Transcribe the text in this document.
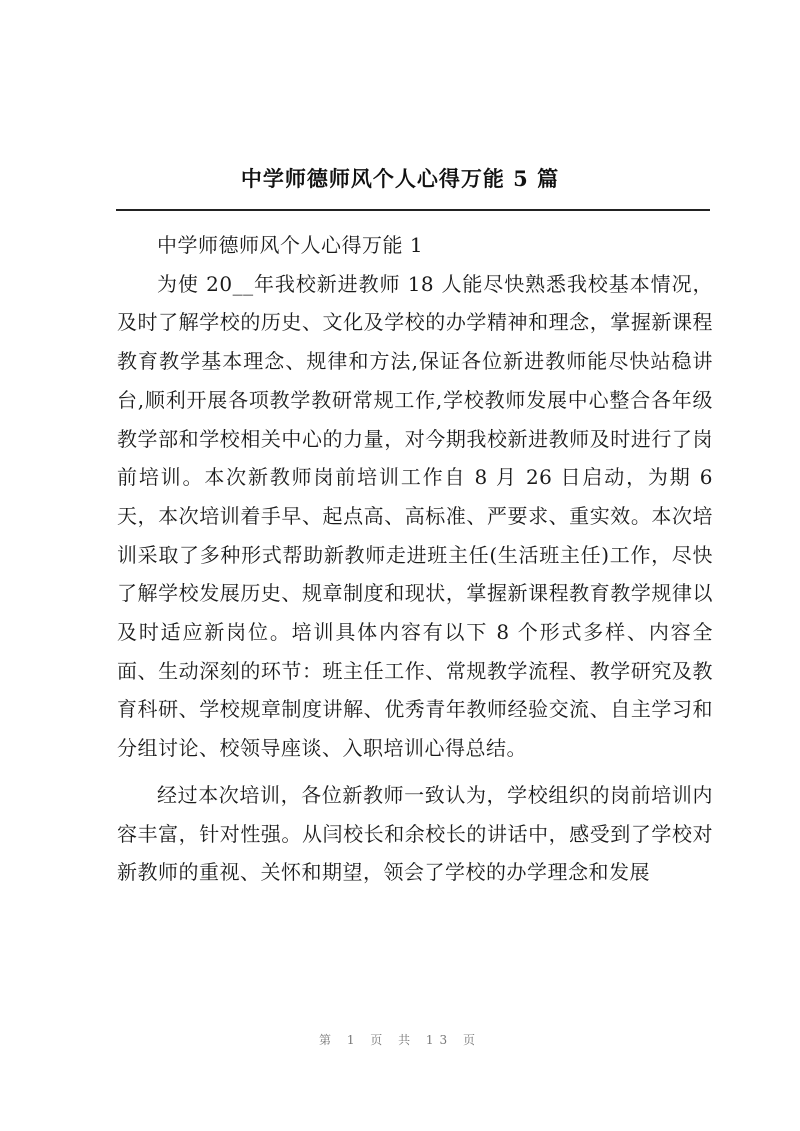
中学师德师风个人心得万能 5 篇

中学师德师风个人心得万能 1

为使 20__年我校新进教师 18 人能尽快熟悉我校基本情况，及时了解学校的历史、文化及学校的办学精神和理念，掌握新课程教育教学基本理念、规律和方法,保证各位新进教师能尽快站稳讲台,顺利开展各项教学教研常规工作,学校教师发展中心整合各年级教学部和学校相关中心的力量，对今期我校新进教师及时进行了岗前培训。本次新教师岗前培训工作自 8 月 26 日启动，为期 6 天，本次培训着手早、起点高、高标准、严要求、重实效。本次培训采取了多种形式帮助新教师走进班主任(生活班主任)工作，尽快了解学校发展历史、规章制度和现状，掌握新课程教育教学规律以及时适应新岗位。培训具体内容有以下 8 个形式多样、内容全面、生动深刻的环节：班主任工作、常规教学流程、教学研究及教育科研、学校规章制度讲解、优秀青年教师经验交流、自主学习和分组讨论、校领导座谈、入职培训心得总结。

经过本次培训，各位新教师一致认为，学校组织的岗前培训内容丰富，针对性强。从闫校长和余校长的讲话中，感受到了学校对新教师的重视、关怀和期望，领会了学校的办学理念和发展

第 1 页 共 13 页
